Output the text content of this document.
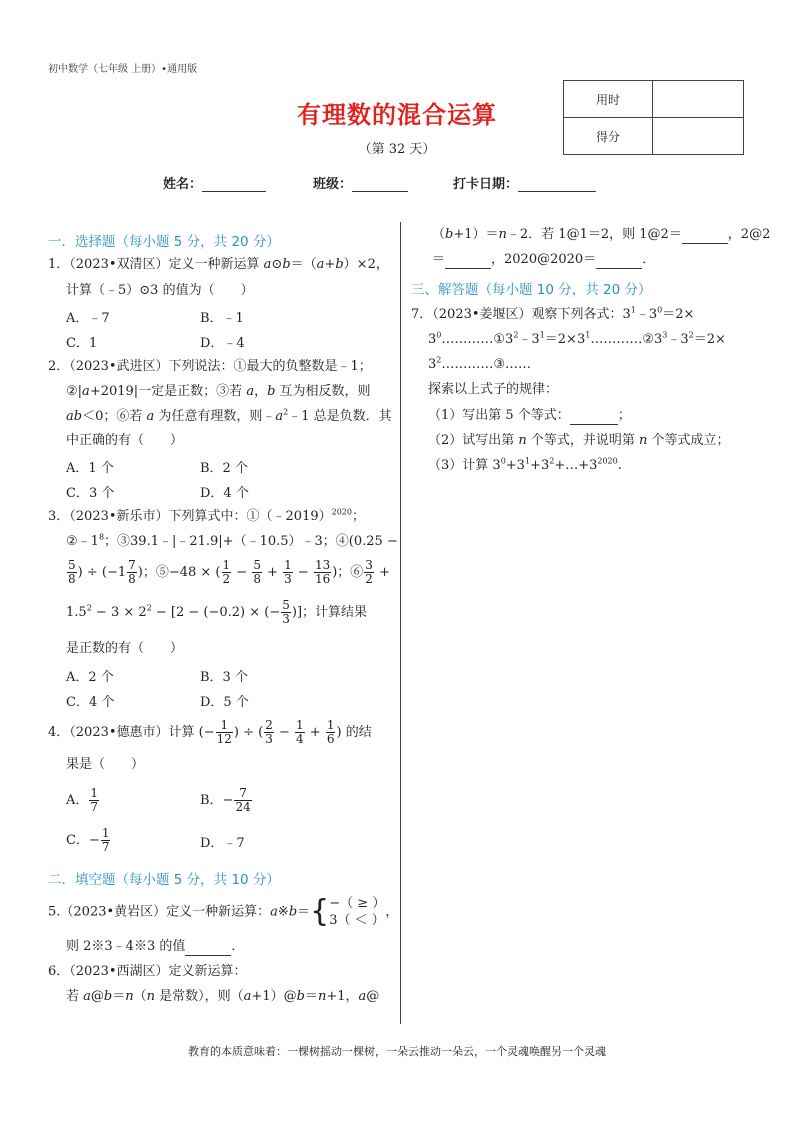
初中数学（七年级 上册）•通用版
有理数的混合运算
（第 32 天）
用时	
得分	
姓名：	班级：	打卡日期：
一．选择题（每小题 5 分，共 20 分）
1．（2023•双清区）定义一种新运算 a⊙b＝（a+b）×2，
计算（﹣5）⊙3 的值为（　　）
A．﹣7	B．﹣1
C．1	D．﹣4
2．（2023•武进区）下列说法：①最大的负整数是﹣1；
②|a+2019|一定是正数；③若 a，b 互为相反数，则
ab＜0；⑥若 a 为任意有理数，则$﹣a^2﹣1$ 总是负数．其
中正确的有（　　）
A．1 个	B．2 个
C．3 个	D．4 个
3．（2023•新乐市）下列算式中：①（﹣2019）$^{2020}$；
$②﹣1^8$；③39.1﹣|﹣21.9|+（﹣10.5）﹣3；④(0.25 −
$\frac{5}{8}$ ) ÷ ($-1 \frac{7}{8}$ )；⑤−48 × ( $\frac{1}{2} - \frac{5}{8} + \frac{1}{3} - \frac{13}{16}$ )；⑥ $\frac{3}{2}$ +
$1.5^2 - 3 \times 2^2 - [2 - (-0.2)$ × (− $\frac{5}{3}$ )]；计算结果
是正数的有（　　）
A．2 个	B．3 个
C．4 个	D．5 个
4．（2023•德惠市）计算 (− $\frac{1}{12}$ ) ÷ ( $\frac{2}{3} - \frac{1}{4} + \frac{1}{6}$ ) 的结
果是（　　）
A． $\frac{1}{7}$	B．− $\frac{7}{24}$
C．− $\frac{1}{7}$	D．﹣7
二．填空题（每小题 5 分，共 10 分）
5.（2023•黄岩区）定义一种新运算：a※b＝{ −（ ≥ ）
3（ ＜ ）
，
则 2※3﹣4※3 的值	．
6．（2023•西湖区）定义新运算：
若 a@b＝n（n 是常数），则（a+1）@b＝n+1，a@
（b+1）＝n﹣2．若 1@1＝2，则 1@2＝	，2@2
＝	，2020@2020＝	．
三、解答题（每小题 10 分，共 20 分）
7．（2023•姜堰区）观察下列各式：$3^1﹣3^0=2\times$
$3^0\dots\dots\dots\dots ①3^2﹣3^1=2\times 3^1\dots\dots\dots\dots ②3^3﹣3^2=2\times$
$3^2\dots\dots\dots\dots ③\dots\dots$
探索以上式子的规律：
（1）写出第 5 个等式：	；
（2）试写出第 n 个等式，并说明第 n 个等式成立；
（3）计算 $3^0+3^1+3^2+\dots+3^{2020}$.
教育的本质意味着：一棵树摇动一棵树，一朵云推动一朵云，一个灵魂唤醒另一个灵魂
